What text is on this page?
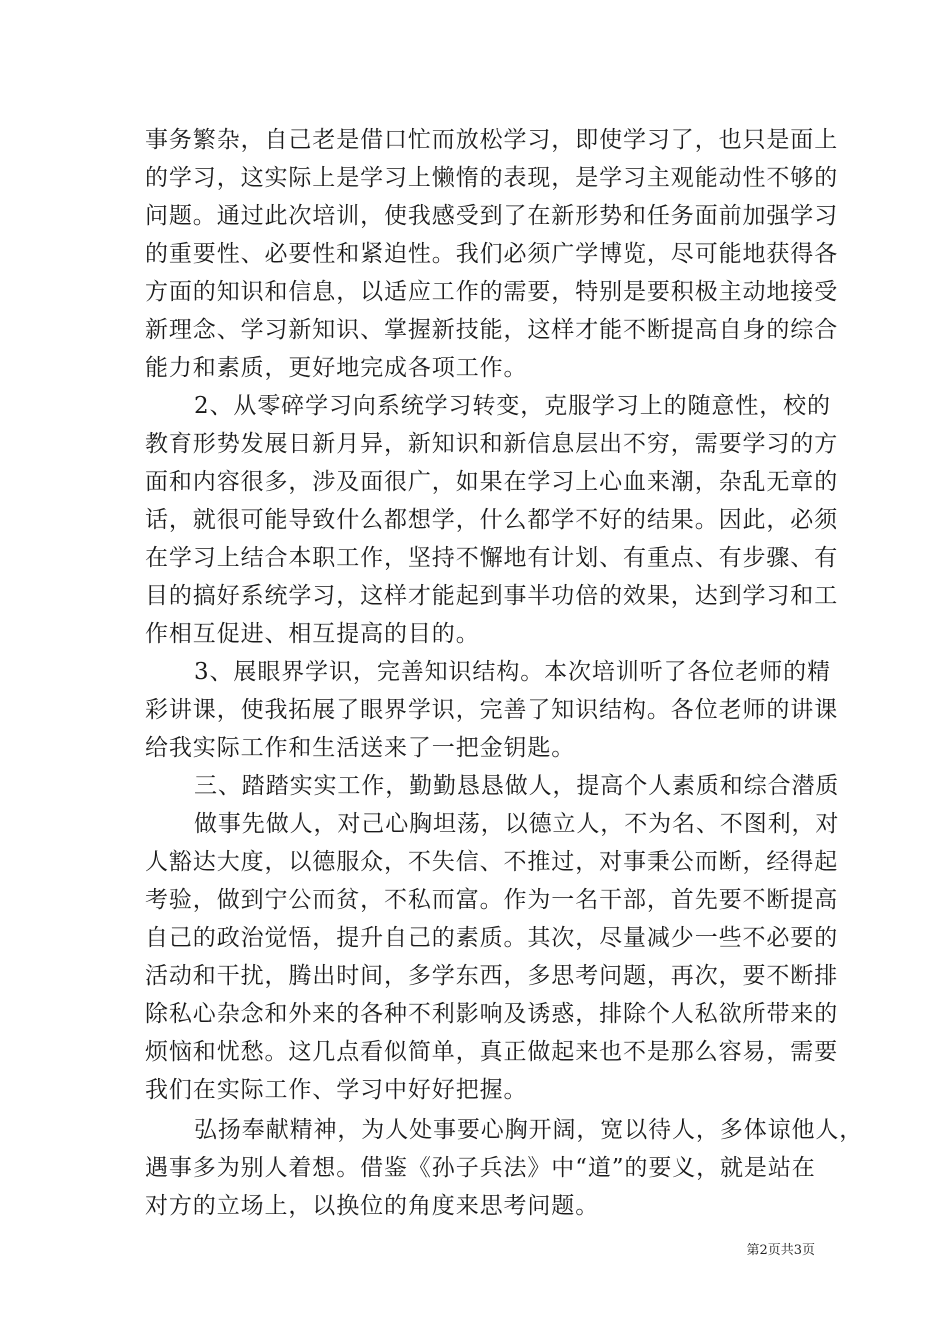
事务繁杂，自己老是借口忙而放松学习，即使学习了，也只是面上
的学习，这实际上是学习上懒惰的表现，是学习主观能动性不够的
问题。通过此次培训，使我感受到了在新形势和任务面前加强学习
的重要性、必要性和紧迫性。我们必须广学博览，尽可能地获得各
方面的知识和信息，以适应工作的需要，特别是要积极主动地接受
新理念、学习新知识、掌握新技能，这样才能不断提高自身的综合
能力和素质，更好地完成各项工作。
2、从零碎学习向系统学习转变，克服学习上的随意性，校的
教育形势发展日新月异，新知识和新信息层出不穷，需要学习的方
面和内容很多，涉及面很广，如果在学习上心血来潮，杂乱无章的
话，就很可能导致什么都想学，什么都学不好的结果。因此，必须
在学习上结合本职工作，坚持不懈地有计划、有重点、有步骤、有
目的搞好系统学习，这样才能起到事半功倍的效果，达到学习和工
作相互促进、相互提高的目的。
3、展眼界学识，完善知识结构。本次培训听了各位老师的精
彩讲课，使我拓展了眼界学识，完善了知识结构。各位老师的讲课
给我实际工作和生活送来了一把金钥匙。
三、踏踏实实工作，勤勤恳恳做人，提高个人素质和综合潜质
做事先做人，对己心胸坦荡，以德立人，不为名、不图利，对
人豁达大度，以德服众，不失信、不推过，对事秉公而断，经得起
考验，做到宁公而贫，不私而富。作为一名干部，首先要不断提高
自己的政治觉悟，提升自己的素质。其次，尽量减少一些不必要的
活动和干扰，腾出时间，多学东西，多思考问题，再次，要不断排
除私心杂念和外来的各种不利影响及诱惑，排除个人私欲所带来的
烦恼和忧愁。这几点看似简单，真正做起来也不是那么容易，需要
我们在实际工作、学习中好好把握。
弘扬奉献精神，为人处事要心胸开阔，宽以待人，多体谅他人，
遇事多为别人着想。借鉴《孙子兵法》中“道”的要义，就是站在
对方的立场上，以换位的角度来思考问题。
第2页共3页
